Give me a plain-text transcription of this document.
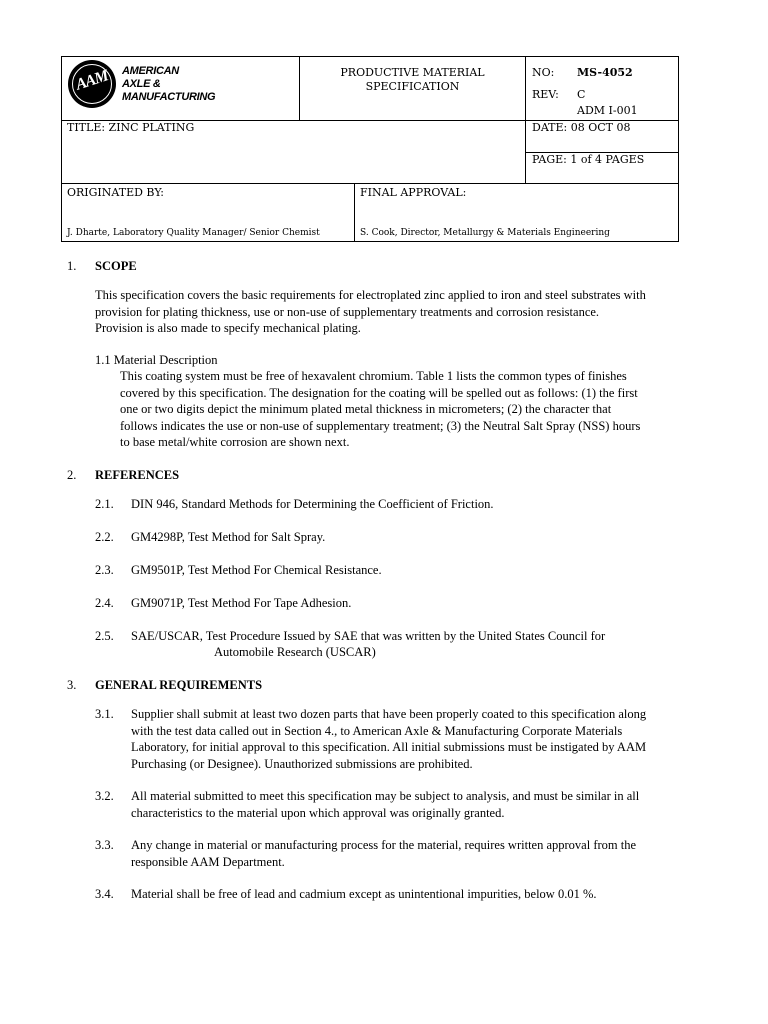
AAM	AMERICAN
AXLE &
MANUFACTURING
PRODUCTIVE MATERIAL
SPECIFICATION
NO: MS-4052
REV: C
ADM I-001
TITLE: ZINC PLATING	DATE: 08 OCT 08
PAGE: 1 of 4 PAGES
ORIGINATED BY:
J. Dharte, Laboratory Quality Manager/ Senior Chemist
FINAL APPROVAL:
S. Cook, Director, Metallurgy & Materials Engineering
1. SCOPE
This specification covers the basic requirements for electroplated zinc applied to iron and steel substrates with
provision for plating thickness, use or non-use of supplementary treatments and corrosion resistance.
Provision is also made to specify mechanical plating.
1.1 Material Description
This coating system must be free of hexavalent chromium. Table 1 lists the common types of finishes
covered by this specification. The designation for the coating will be spelled out as follows: (1) the first
one or two digits depict the minimum plated metal thickness in micrometers; (2) the character that
follows indicates the use or non-use of supplementary treatment; (3) the Neutral Salt Spray (NSS) hours
to base metal/white corrosion are shown next.
2. REFERENCES
2.1. DIN 946, Standard Methods for Determining the Coefficient of Friction.
2.2. GM4298P, Test Method for Salt Spray.
2.3. GM9501P, Test Method For Chemical Resistance.
2.4. GM9071P, Test Method For Tape Adhesion.
2.5. SAE/USCAR, Test Procedure Issued by SAE that was written by the United States Council for
Automobile Research (USCAR)
3. GENERAL REQUIREMENTS
3.1. Supplier shall submit at least two dozen parts that have been properly coated to this specification along
with the test data called out in Section 4., to American Axle & Manufacturing Corporate Materials
Laboratory, for initial approval to this specification. All initial submissions must be instigated by AAM
Purchasing (or Designee). Unauthorized submissions are prohibited.
3.2. All material submitted to meet this specification may be subject to analysis, and must be similar in all
characteristics to the material upon which approval was originally granted.
3.3. Any change in material or manufacturing process for the material, requires written approval from the
responsible AAM Department.
3.4. Material shall be free of lead and cadmium except as unintentional impurities, below 0.01 %.
